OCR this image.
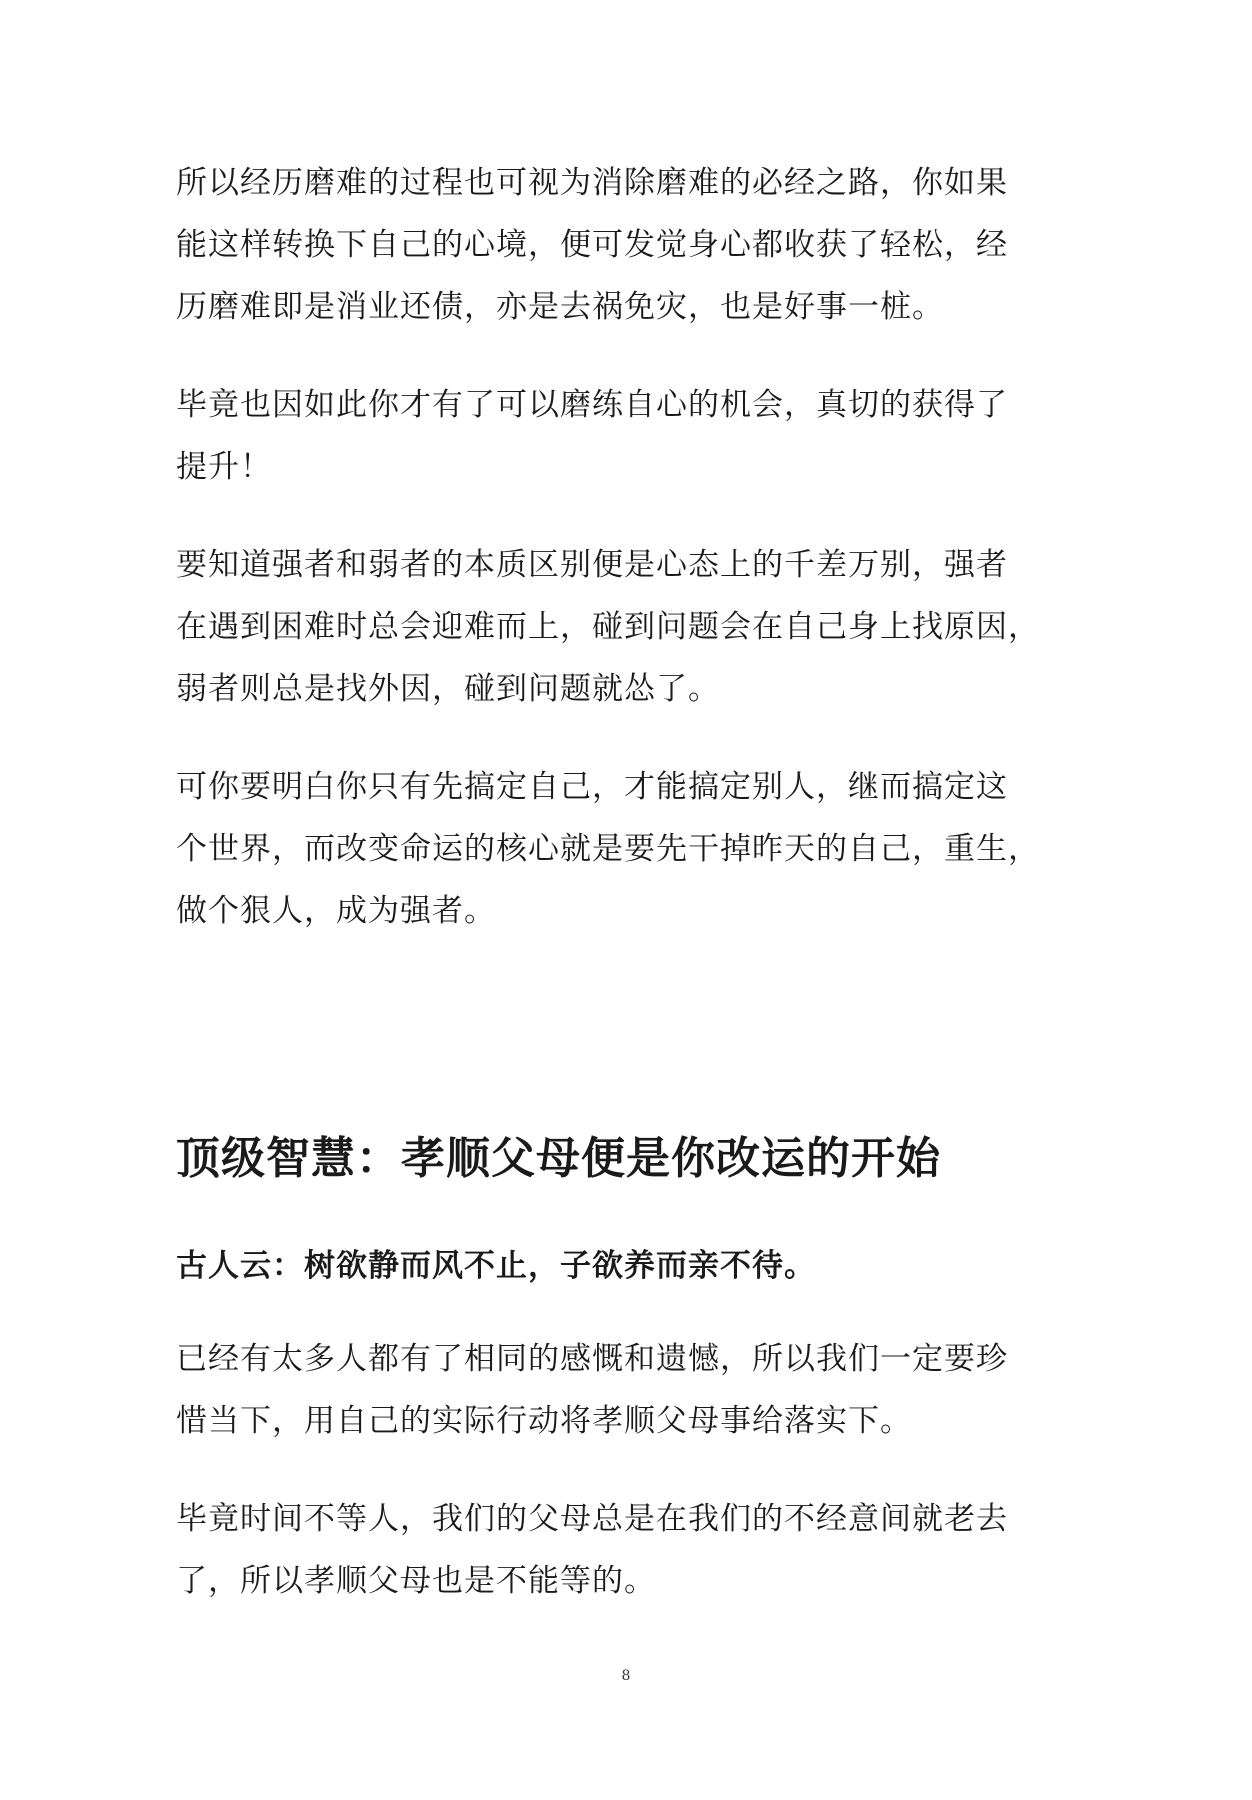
所以经历磨难的过程也可视为消除磨难的必经之路，你如果
能这样转换下自己的心境，便可发觉身心都收获了轻松，经
历磨难即是消业还债，亦是去祸免灾，也是好事一桩。

毕竟也因如此你才有了可以磨练自心的机会，真切的获得了
提升！

要知道强者和弱者的本质区别便是心态上的千差万别，强者
在遇到困难时总会迎难而上，碰到问题会在自己身上找原因，
弱者则总是找外因，碰到问题就怂了。

可你要明白你只有先搞定自己，才能搞定别人，继而搞定这
个世界，而改变命运的核心就是要先干掉昨天的自己，重生，
做个狠人，成为强者。

顶级智慧：孝顺父母便是你改运的开始

古人云：树欲静而风不止，子欲养而亲不待。

已经有太多人都有了相同的感慨和遗憾，所以我们一定要珍
惜当下，用自己的实际行动将孝顺父母事给落实下。

毕竟时间不等人，我们的父母总是在我们的不经意间就老去
了，所以孝顺父母也是不能等的。

8
